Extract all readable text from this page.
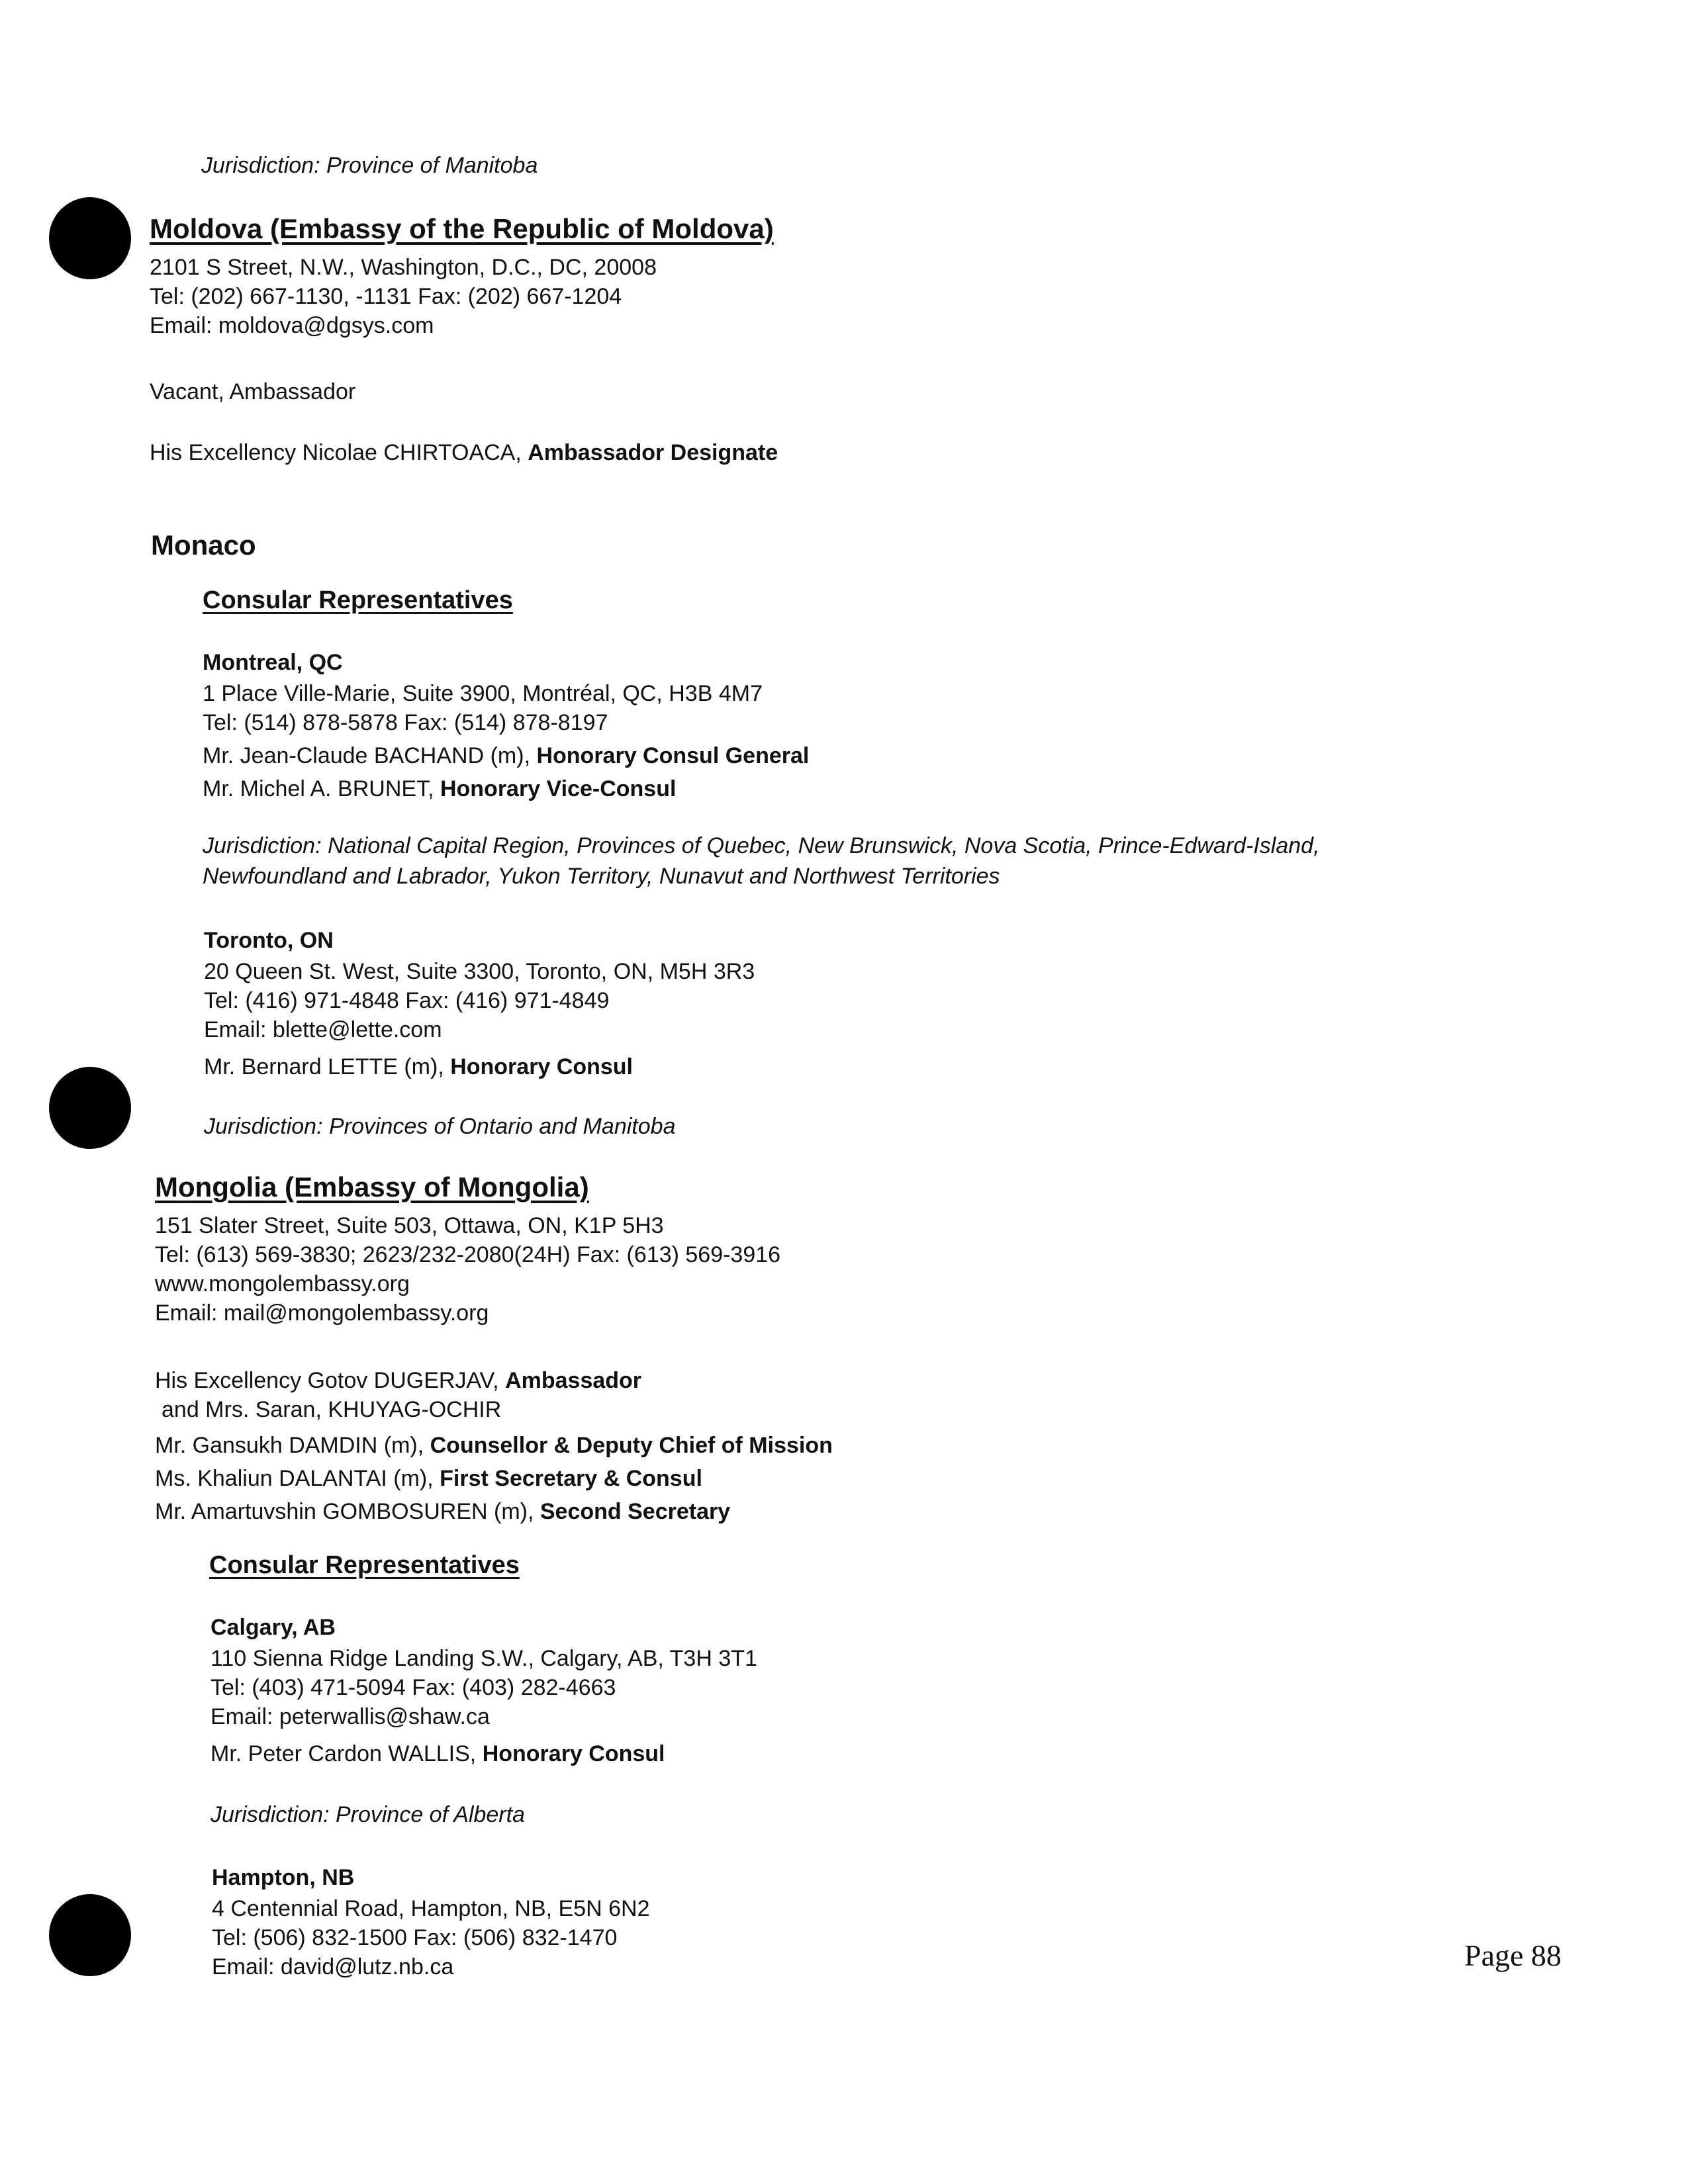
Jurisdiction: Province of Manitoba
Moldova (Embassy of the Republic of Moldova)
2101 S Street, N.W., Washington, D.C., DC, 20008
Tel: (202) 667-1130, -1131 Fax: (202) 667-1204
Email: moldova@dgsys.com
Vacant, Ambassador
His Excellency Nicolae CHIRTOACA, Ambassador Designate
Monaco
Consular Representatives
Montreal, QC
1 Place Ville-Marie, Suite 3900, Montréal, QC, H3B 4M7
Tel: (514) 878-5878 Fax: (514) 878-8197
Mr. Jean-Claude BACHAND (m), Honorary Consul General
Mr. Michel A. BRUNET, Honorary Vice-Consul
Jurisdiction: National Capital Region, Provinces of Quebec, New Brunswick, Nova Scotia, Prince-Edward-Island,
Newfoundland and Labrador, Yukon Territory, Nunavut and Northwest Territories
Toronto, ON
20 Queen St. West, Suite 3300, Toronto, ON, M5H 3R3
Tel: (416) 971-4848 Fax: (416) 971-4849
Email: blette@lette.com
Mr. Bernard LETTE (m), Honorary Consul
Jurisdiction: Provinces of Ontario and Manitoba
Mongolia (Embassy of Mongolia)
151 Slater Street, Suite 503, Ottawa, ON, K1P 5H3
Tel: (613) 569-3830; 2623/232-2080(24H) Fax: (613) 569-3916
www.mongolembassy.org
Email: mail@mongolembassy.org
His Excellency Gotov DUGERJAV, Ambassador
and Mrs. Saran, KHUYAG-OCHIR
Mr. Gansukh DAMDIN (m), Counsellor & Deputy Chief of Mission
Ms. Khaliun DALANTAI (m), First Secretary & Consul
Mr. Amartuvshin GOMBOSUREN (m), Second Secretary
Consular Representatives
Calgary, AB
110 Sienna Ridge Landing S.W., Calgary, AB, T3H 3T1
Tel: (403) 471-5094 Fax: (403) 282-4663
Email: peterwallis@shaw.ca
Mr. Peter Cardon WALLIS, Honorary Consul
Jurisdiction: Province of Alberta
Hampton, NB
4 Centennial Road, Hampton, NB, E5N 6N2
Tel: (506) 832-1500 Fax: (506) 832-1470
Email: david@lutz.nb.ca	Page 88
